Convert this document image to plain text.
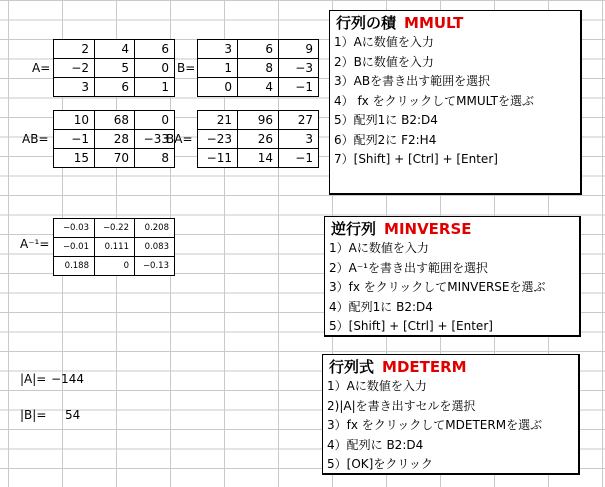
A=
2	4	6
−2	5	0
3	6	1
B=
3	6	9
1	8	−3
0	4	−1
AB=
10	68	0
−1	28	−33
15	70	8
BA=
21	96	27
−23	26	3
−11	14	−1
A⁻¹=
−0.03	−0.22	0.208
−0.01	0.111	0.083
0.188	0	−0.13
|A|= −144
|B|= 54
行列の積 MMULT
1）Aに数値を入力
2）Bに数値を入力
3）ABを書き出す範囲を選択
4） fx をクリックしてMMULTを選ぶ
5）配列1に B2:D4
6）配列2に F2:H4
7）[Shift] + [Ctrl] + [Enter]
逆行列 MINVERSE
1）Aに数値を入力
2）A⁻¹を書き出す範囲を選択
3）fx をクリックしてMINVERSEを選ぶ
4）配列1に B2:D4
5）[Shift] + [Ctrl] + [Enter]
行列式 MDETERM
1）Aに数値を入力
2)|A|を書き出すセルを選択
3）fx をクリックしてMDETERMを選ぶ
4）配列に B2:D4
5）[OK]をクリック
